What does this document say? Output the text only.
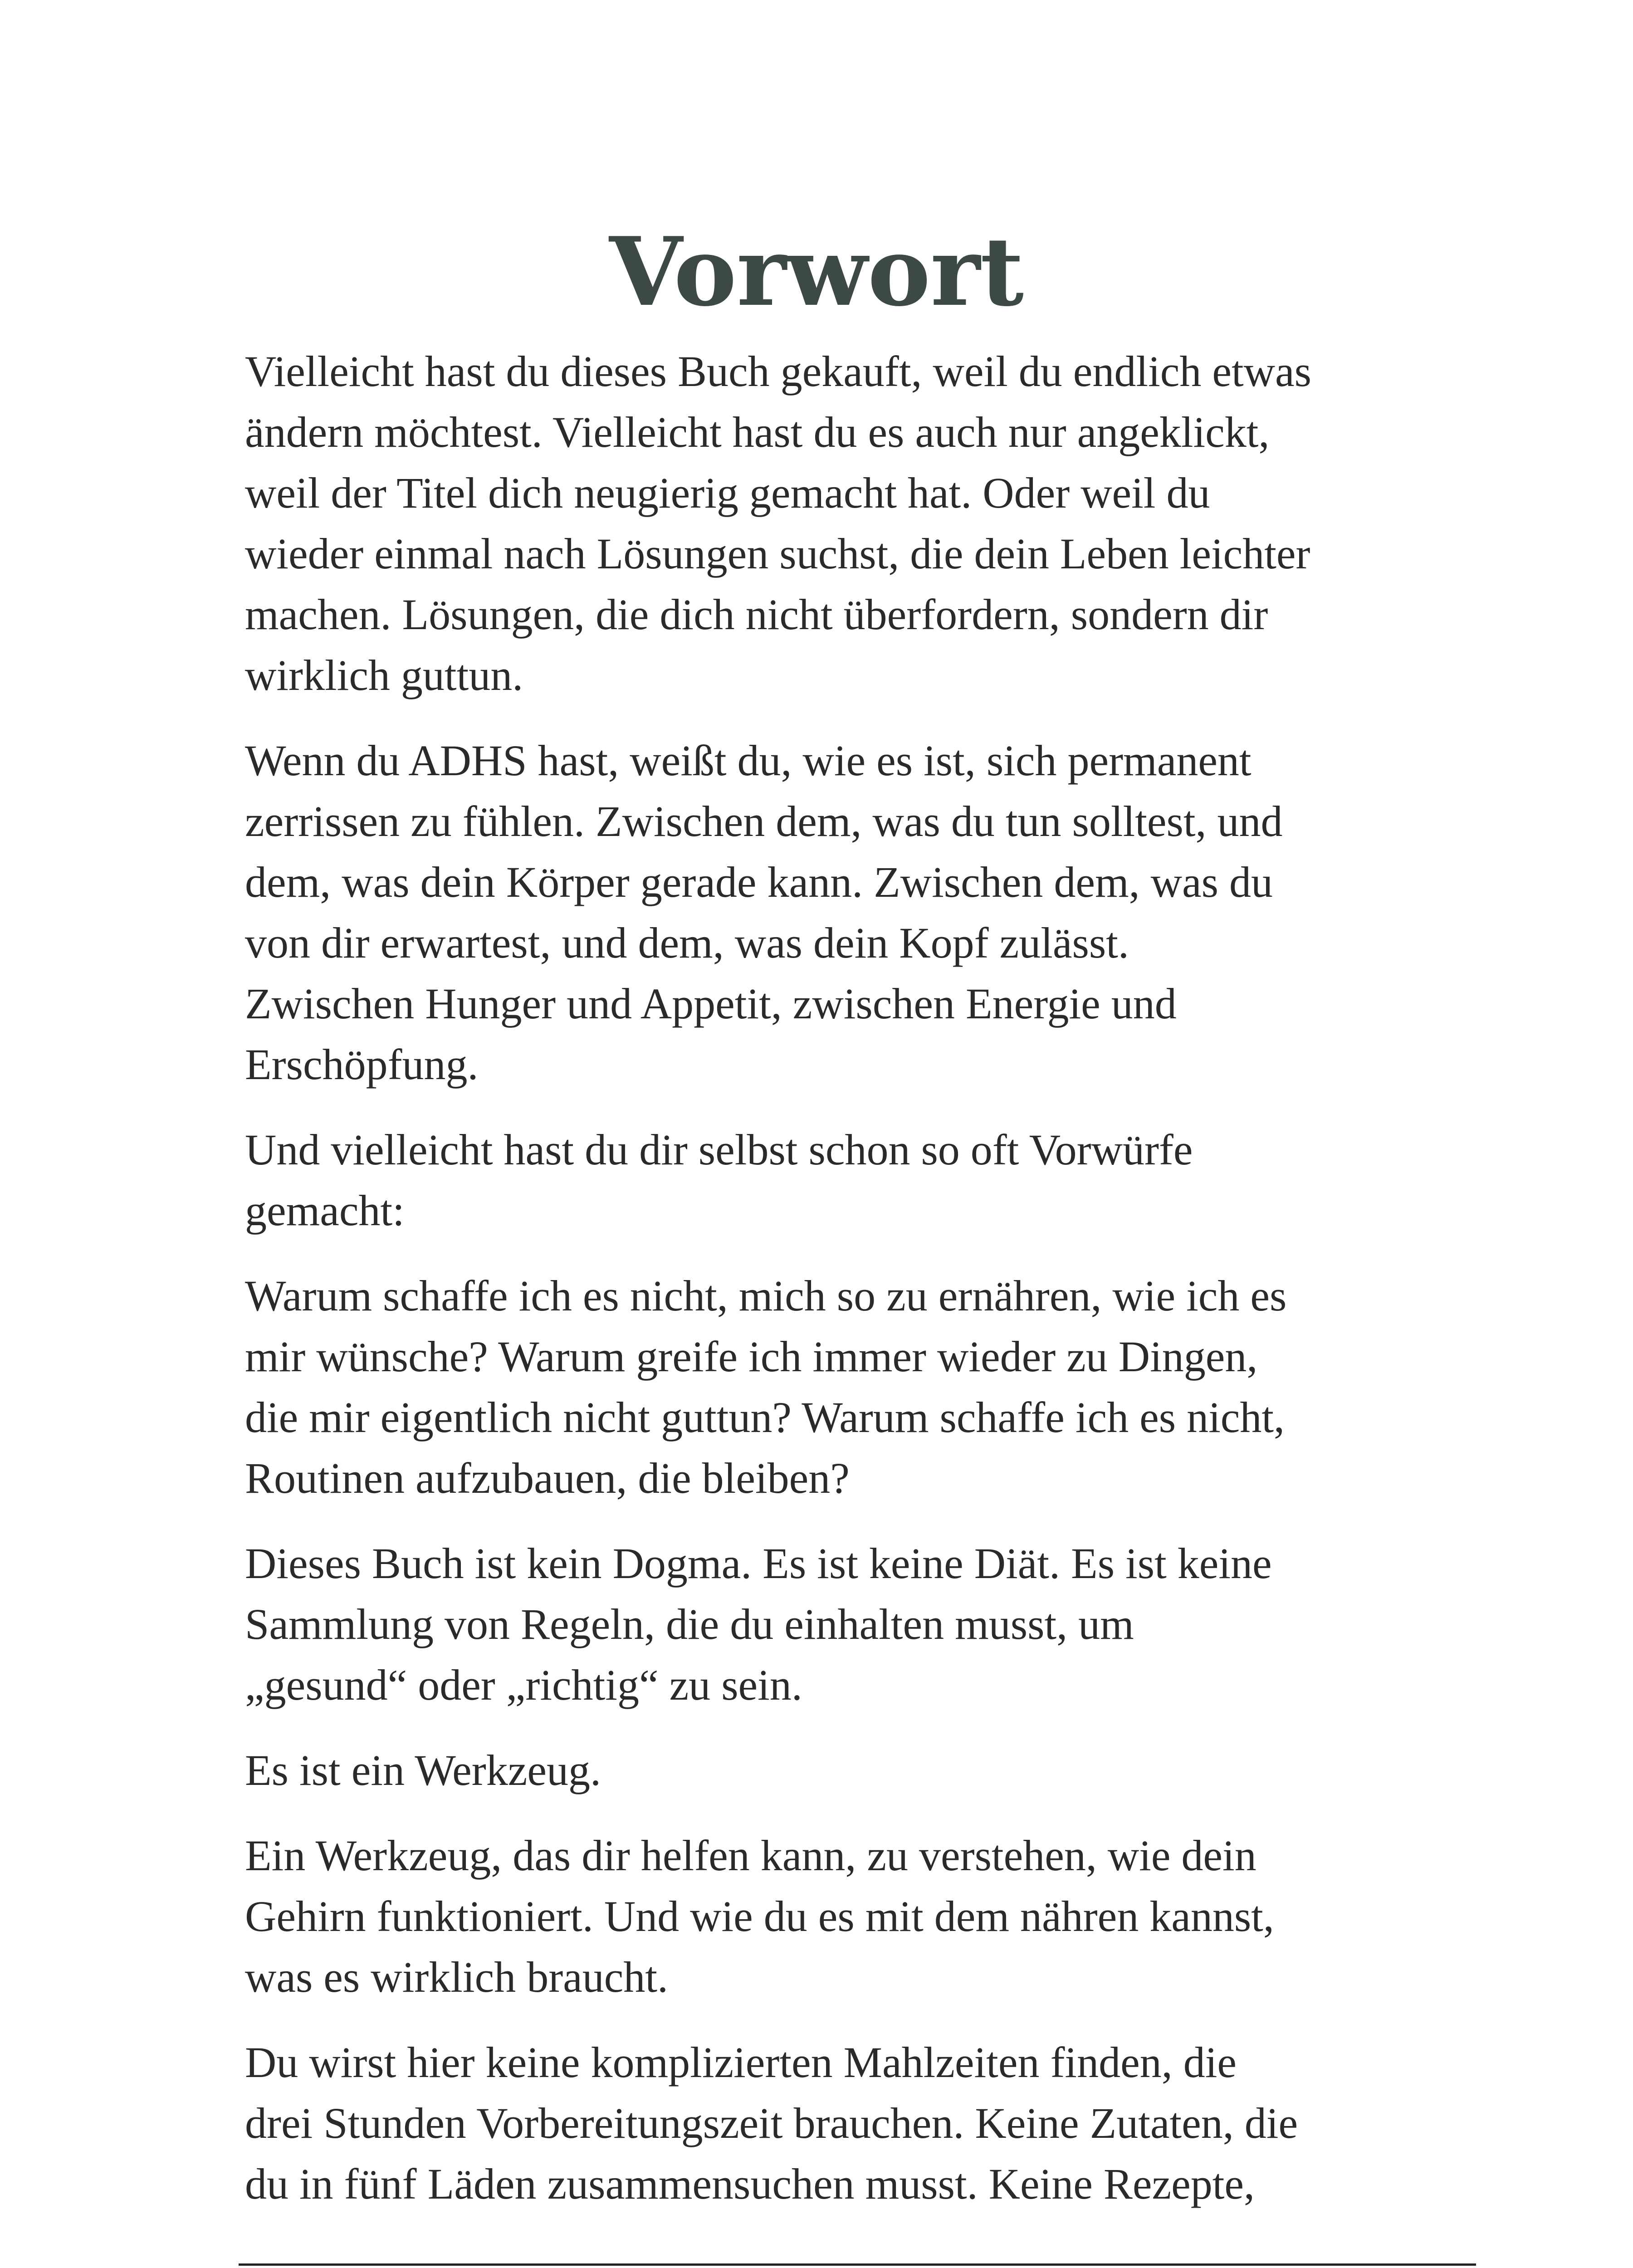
Vorwort

Vielleicht hast du dieses Buch gekauft, weil du endlich etwas
ändern möchtest. Vielleicht hast du es auch nur angeklickt,
weil der Titel dich neugierig gemacht hat. Oder weil du
wieder einmal nach Lösungen suchst, die dein Leben leichter
machen. Lösungen, die dich nicht überfordern, sondern dir
wirklich guttun.

Wenn du ADHS hast, weißt du, wie es ist, sich permanent
zerrissen zu fühlen. Zwischen dem, was du tun solltest, und
dem, was dein Körper gerade kann. Zwischen dem, was du
von dir erwartest, und dem, was dein Kopf zulässt.
Zwischen Hunger und Appetit, zwischen Energie und
Erschöpfung.

Und vielleicht hast du dir selbst schon so oft Vorwürfe
gemacht:

Warum schaffe ich es nicht, mich so zu ernähren, wie ich es
mir wünsche? Warum greife ich immer wieder zu Dingen,
die mir eigentlich nicht guttun? Warum schaffe ich es nicht,
Routinen aufzubauen, die bleiben?

Dieses Buch ist kein Dogma. Es ist keine Diät. Es ist keine
Sammlung von Regeln, die du einhalten musst, um
„gesund“ oder „richtig“ zu sein.

Es ist ein Werkzeug.

Ein Werkzeug, das dir helfen kann, zu verstehen, wie dein
Gehirn funktioniert. Und wie du es mit dem nähren kannst,
was es wirklich braucht.

Du wirst hier keine komplizierten Mahlzeiten finden, die
drei Stunden Vorbereitungszeit brauchen. Keine Zutaten, die
du in fünf Läden zusammensuchen musst. Keine Rezepte,
